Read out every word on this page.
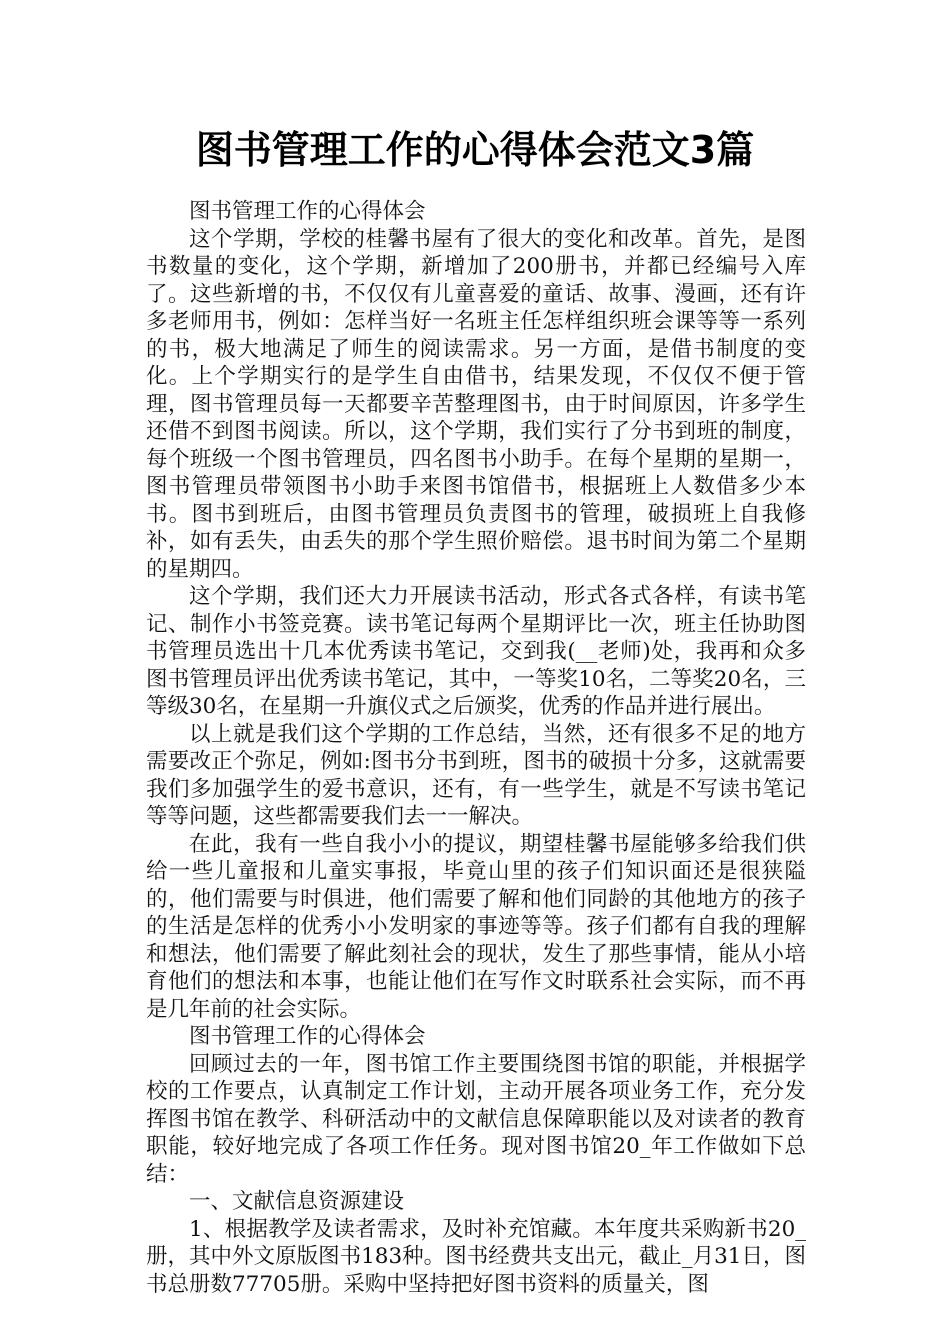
图书管理工作的心得体会范文3篇

图书管理工作的心得体会

这个学期，学校的桂馨书屋有了很大的变化和改革。首先，是图书数量的变化，这个学期，新增加了200册书，并都已经编号入库了。这些新增的书，不仅仅有儿童喜爱的童话、故事、漫画，还有许多老师用书，例如：怎样当好一名班主任怎样组织班会课等等一系列的书，极大地满足了师生的阅读需求。另一方面，是借书制度的变化。上个学期实行的是学生自由借书，结果发现，不仅仅不便于管理，图书管理员每一天都要辛苦整理图书，由于时间原因，许多学生还借不到图书阅读。所以，这个学期，我们实行了分书到班的制度，每个班级一个图书管理员，四名图书小助手。在每个星期的星期一，图书管理员带领图书小助手来图书馆借书，根据班上人数借多少本书。图书到班后，由图书管理员负责图书的管理，破损班上自我修补，如有丢失，由丢失的那个学生照价赔偿。退书时间为第二个星期的星期四。

这个学期，我们还大力开展读书活动，形式各式各样，有读书笔记、制作小书签竞赛。读书笔记每两个星期评比一次，班主任协助图书管理员选出十几本优秀读书笔记，交到我(__老师)处，我再和众多图书管理员评出优秀读书笔记，其中，一等奖10名，二等奖20名，三等级30名，在星期一升旗仪式之后颁奖，优秀的作品并进行展出。

以上就是我们这个学期的工作总结，当然，还有很多不足的地方需要改正个弥足，例如:图书分书到班，图书的破损十分多，这就需要我们多加强学生的爱书意识，还有，有一些学生，就是不写读书笔记等等问题，这些都需要我们去一一解决。

在此，我有一些自我小小的提议，期望桂馨书屋能够多给我们供给一些儿童报和儿童实事报，毕竟山里的孩子们知识面还是很狭隘的，他们需要与时俱进，他们需要了解和他们同龄的其他地方的孩子的生活是怎样的优秀小小发明家的事迹等等。孩子们都有自我的理解和想法，他们需要了解此刻社会的现状，发生了那些事情，能从小培育他们的想法和本事，也能让他们在写作文时联系社会实际，而不再是几年前的社会实际。

图书管理工作的心得体会

回顾过去的一年，图书馆工作主要围绕图书馆的职能，并根据学校的工作要点，认真制定工作计划，主动开展各项业务工作，充分发挥图书馆在教学、科研活动中的文献信息保障职能以及对读者的教育职能，较好地完成了各项工作任务。现对图书馆20_年工作做如下总结：

一、文献信息资源建设

1、根据教学及读者需求，及时补充馆藏。本年度共采购新书20_册，其中外文原版图书183种。图书经费共支出元，截止_月31日，图书总册数77705册。采购中坚持把好图书资料的质量关，图
